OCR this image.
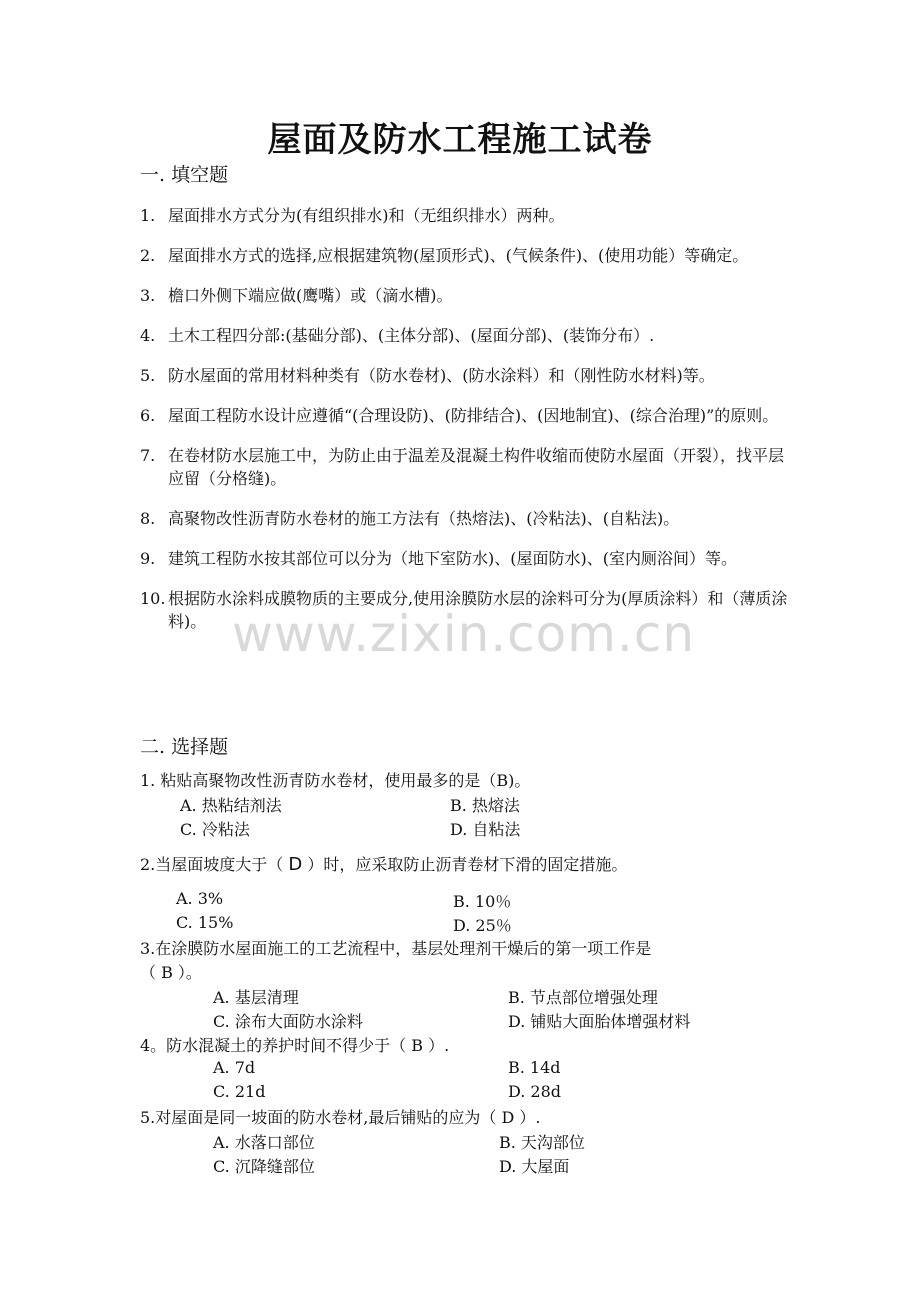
屋面及防水工程施工试卷
一. 填空题
1. 屋面排水方式分为(有组织排水)和（无组织排水）两种。
2. 屋面排水方式的选择,应根据建筑物(屋顶形式)、(气候条件)、(使用功能）等确定。
3. 檐口外侧下端应做(鹰嘴）或（滴水槽)。
4. 土木工程四分部:(基础分部)、(主体分部)、(屋面分部)、(装饰分布）.
5. 防水屋面的常用材料种类有（防水卷材)、(防水涂料）和（刚性防水材料)等。
6. 屋面工程防水设计应遵循“(合理设防)、(防排结合)、(因地制宜)、(综合治理)”的原则。
7. 在卷材防水层施工中，为防止由于温差及混凝土构件收缩而使防水屋面（开裂），找平层应留（分格缝)。
8. 高聚物改性沥青防水卷材的施工方法有（热熔法)、(冷粘法)、(自粘法)。
9. 建筑工程防水按其部位可以分为（地下室防水)、(屋面防水)、(室内厕浴间）等。
10. 根据防水涂料成膜物质的主要成分,使用涂膜防水层的涂料可分为(厚质涂料）和（薄质涂料)。 www.zixin.com.cn
二. 选择题
1. 粘贴高聚物改性沥青防水卷材，使用最多的是（B)。
A. 热粘结剂法	B. 热熔法
C. 冷粘法	D. 自粘法
2.当屋面坡度大于（ D ）时，应采取防止沥青卷材下滑的固定措施。
A. 3%	B. 10％
C. 15%	D. 25％
3.在涂膜防水屋面施工的工艺流程中，基层处理剂干燥后的第一项工作是
（ B ）。
A. 基层清理	B. 节点部位增强处理
C. 涂布大面防水涂料	D. 铺贴大面胎体增强材料
4。防水混凝土的养护时间不得少于（ B ）.
A. 7d	B. 14d
C. 21d	D. 28d
5.对屋面是同一坡面的防水卷材,最后铺贴的应为（ D ）.
A. 水落口部位	B. 天沟部位
C. 沉降缝部位	D. 大屋面
